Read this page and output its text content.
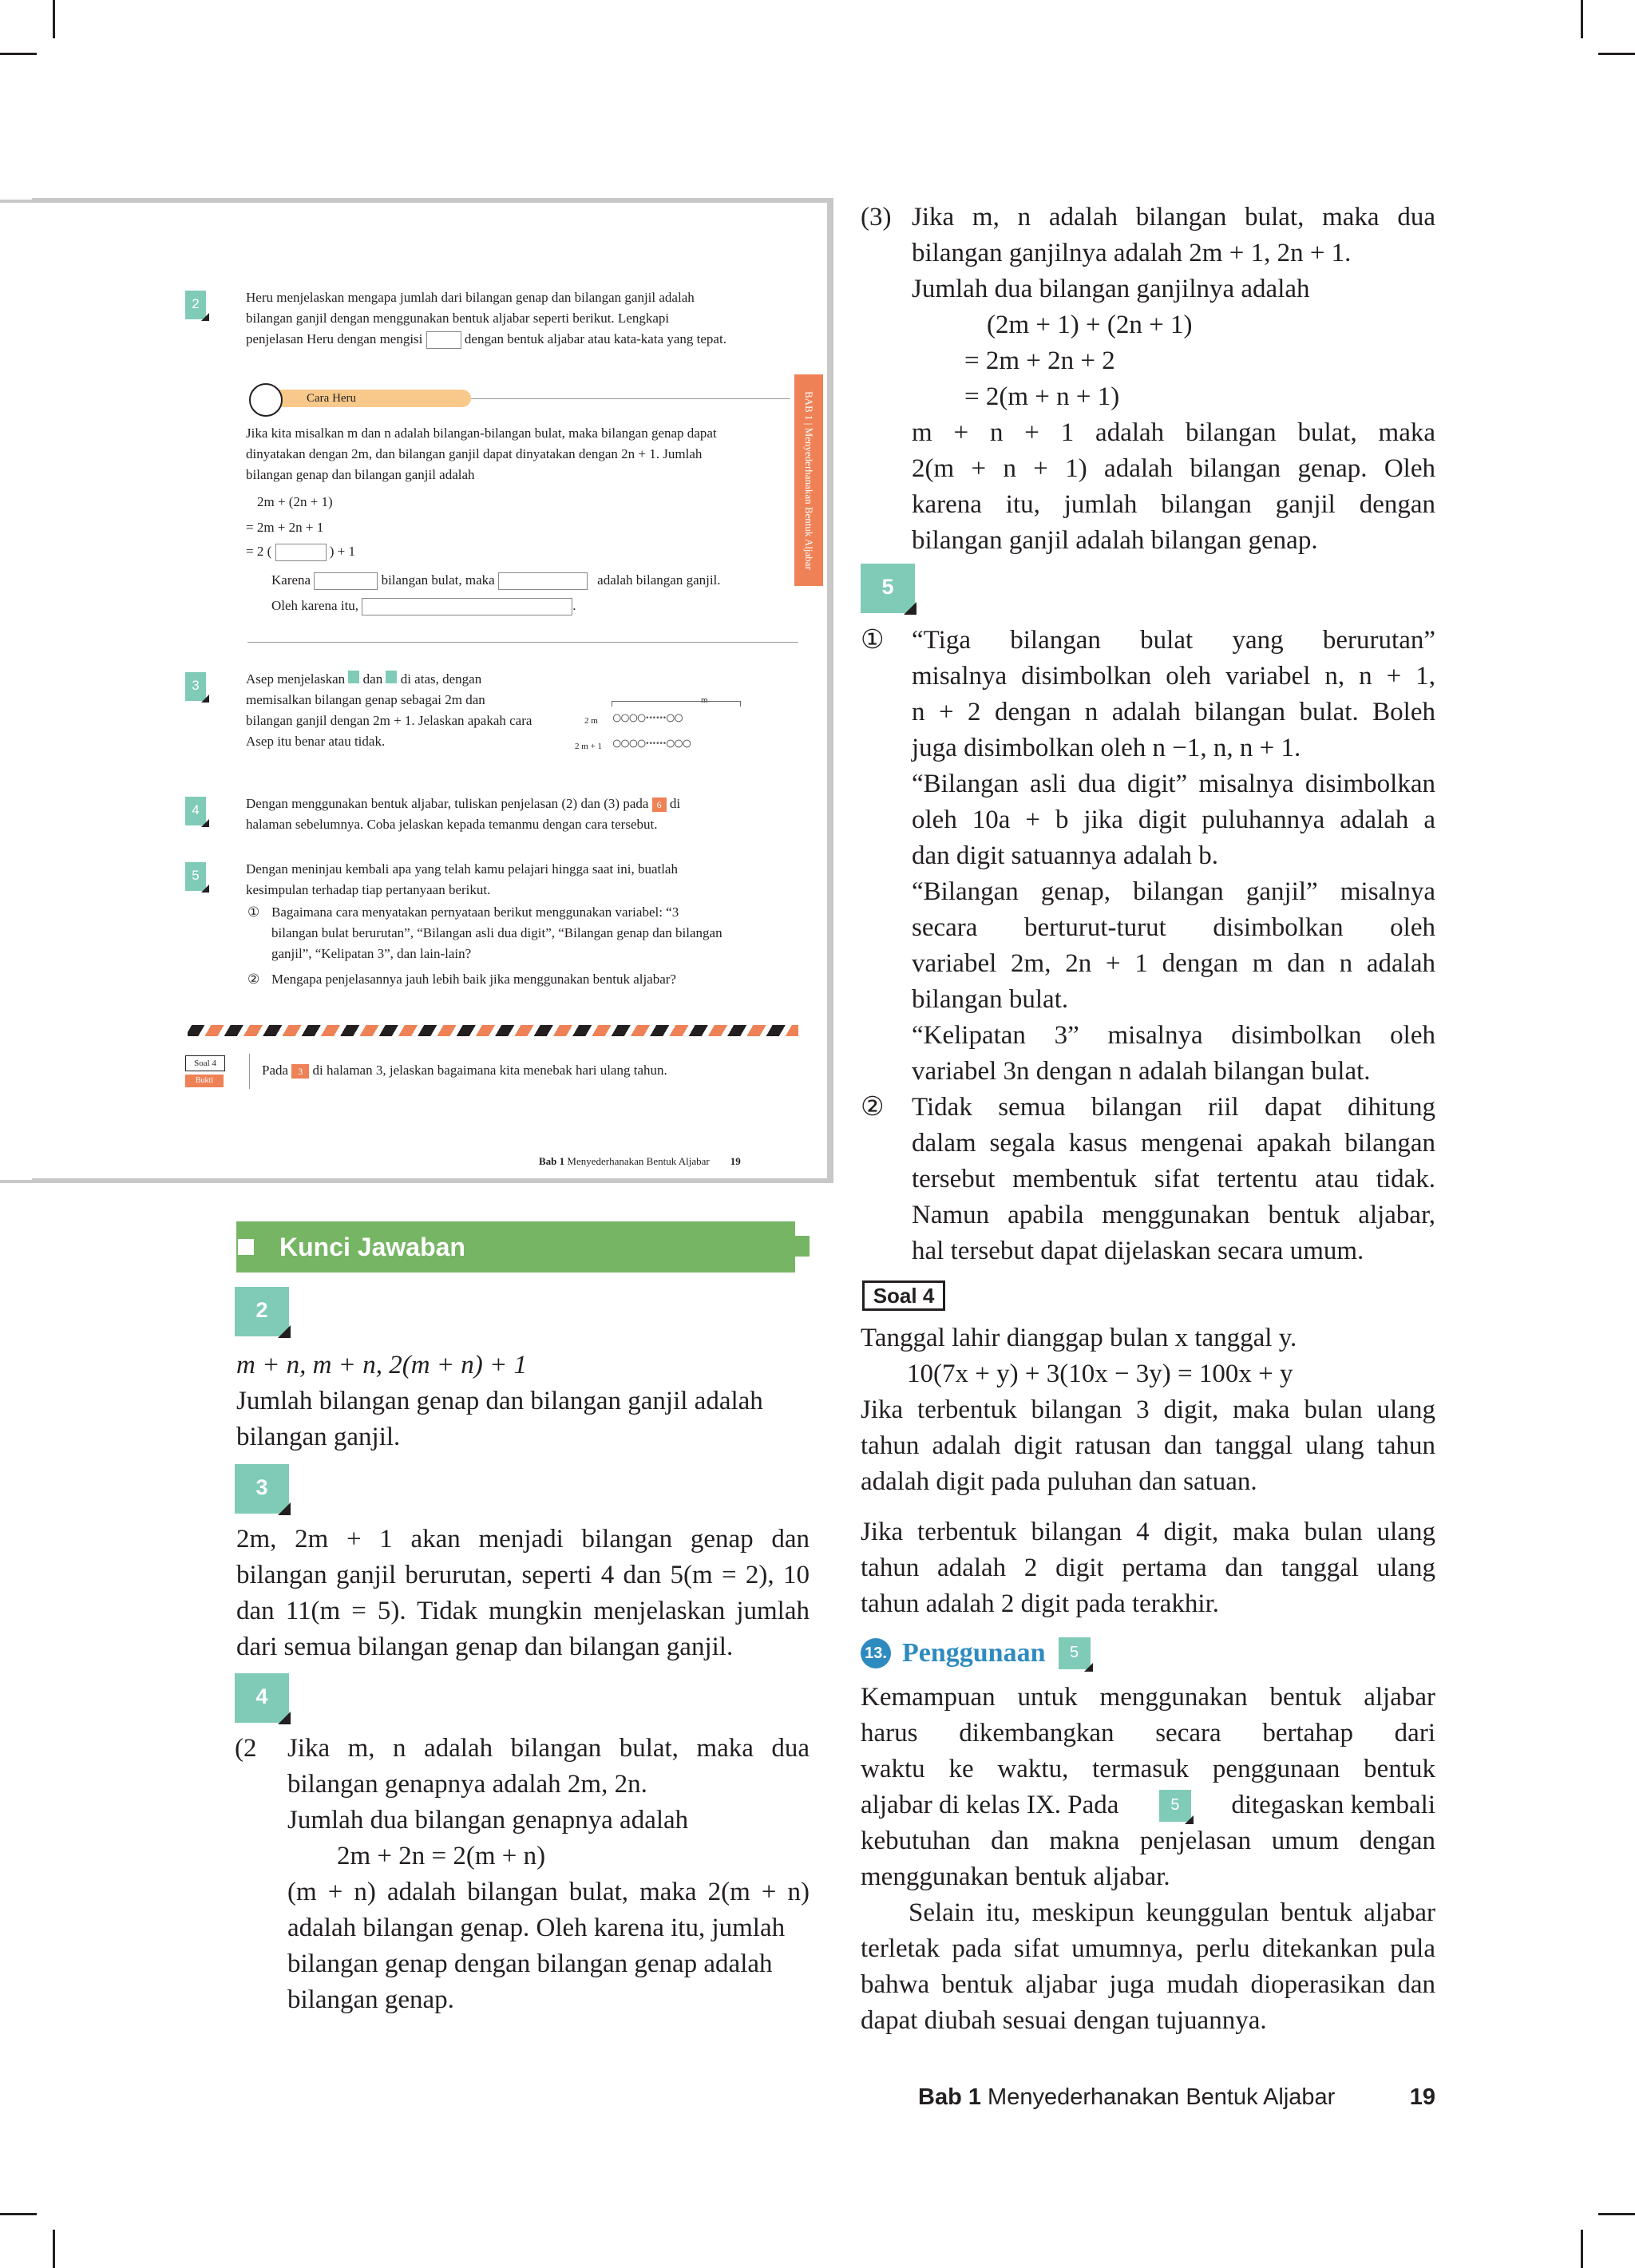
2	Heru menjelaskan mengapa jumlah dari bilangan genap dan bilangan ganjil adalah
bilangan ganjil dengan menggunakan bentuk aljabar seperti berikut. Lengkapi
penjelasan Heru dengan mengisi	dengan bentuk aljabar atau kata-kata yang tepat.
Cara Heru
Jika kita misalkan m dan n adalah bilangan-bilangan bulat, maka bilangan genap dapat
dinyatakan dengan 2m, dan bilangan ganjil dapat dinyatakan dengan 2n + 1. Jumlah
bilangan genap dan bilangan ganjil adalah
2m + (2n + 1)
= 2m + 2n + 1
= 2 (	) + 1
Karena	bilangan bulat, maka	adalah bilangan ganjil.
Oleh karena itu,	.
BAB 1 | Menyederhanakan Bentuk Aljabar
3	Asep menjelaskan dan di atas, dengan
memisalkan bilangan genap sebagai 2m dan
bilangan ganjil dengan 2m + 1. Jelaskan apakah cara
Asep itu benar atau tidak.
m
2 m ○○○○······○○
2 m + 1 ○○○○······○○○
4	Dengan menggunakan bentuk aljabar, tuliskan penjelasan (2) dan (3) pada 6 di
halaman sebelumnya. Coba jelaskan kepada temanmu dengan cara tersebut.
5	Dengan meninjau kembali apa yang telah kamu pelajari hingga saat ini, buatlah
kesimpulan terhadap tiap pertanyaan berikut.
① Bagaimana cara menyatakan pernyataan berikut menggunakan variabel: “3
bilangan bulat berurutan”, “Bilangan asli dua digit”, “Bilangan genap dan bilangan
ganjil”, “Kelipatan 3”, dan lain-lain?
② Mengapa penjelasannya jauh lebih baik jika menggunakan bentuk aljabar?
Soal 4
Bukti
Pada 3 di halaman 3, jelaskan bagaimana kita menebak hari ulang tahun.
Bab 1 Menyederhanakan Bentuk Aljabar 19
Kunci Jawaban
2
m + n, m + n, 2(m + n) + 1
Jumlah bilangan genap dan bilangan ganjil adalah
bilangan ganjil.
3
2m, 2m + 1 akan menjadi bilangan genap dan
bilangan ganjil berurutan, seperti 4 dan 5(m = 2), 10
dan 11(m = 5). Tidak mungkin menjelaskan jumlah
dari semua bilangan genap dan bilangan ganjil.
4
(2 Jika m, n adalah bilangan bulat, maka dua
bilangan genapnya adalah 2m, 2n.
Jumlah dua bilangan genapnya adalah
2m + 2n = 2(m + n)
(m + n) adalah bilangan bulat, maka 2(m + n)
adalah bilangan genap. Oleh karena itu, jumlah
bilangan genap dengan bilangan genap adalah
bilangan genap.
(3) Jika m, n adalah bilangan bulat, maka dua
bilangan ganjilnya adalah 2m + 1, 2n + 1.
Jumlah dua bilangan ganjilnya adalah
(2m + 1) + (2n + 1)
= 2m + 2n + 2
= 2(m + n + 1)
m + n + 1 adalah bilangan bulat, maka
2(m + n + 1) adalah bilangan genap. Oleh
karena itu, jumlah bilangan ganjil dengan
bilangan ganjil adalah bilangan genap.
5
① “Tiga bilangan bulat yang berurutan”
misalnya disimbolkan oleh variabel n, n + 1,
n + 2 dengan n adalah bilangan bulat. Boleh
juga disimbolkan oleh n −1, n, n + 1.
“Bilangan asli dua digit” misalnya disimbolkan
oleh 10a + b jika digit puluhannya adalah a
dan digit satuannya adalah b.
“Bilangan genap, bilangan ganjil” misalnya
secara berturut-turut disimbolkan oleh
variabel 2m, 2n + 1 dengan m dan n adalah
bilangan bulat.
“Kelipatan 3” misalnya disimbolkan oleh
variabel 3n dengan n adalah bilangan bulat.
② Tidak semua bilangan riil dapat dihitung
dalam segala kasus mengenai apakah bilangan
tersebut membentuk sifat tertentu atau tidak.
Namun apabila menggunakan bentuk aljabar,
hal tersebut dapat dijelaskan secara umum.
Soal 4
Tanggal lahir dianggap bulan x tanggal y.
10(7x + y) + 3(10x − 3y) = 100x + y
Jika terbentuk bilangan 3 digit, maka bulan ulang
tahun adalah digit ratusan dan tanggal ulang tahun
adalah digit pada puluhan dan satuan.
Jika terbentuk bilangan 4 digit, maka bulan ulang
tahun adalah 2 digit pertama dan tanggal ulang
tahun adalah 2 digit pada terakhir.
13. Penggunaan	5
Kemampuan untuk menggunakan bentuk aljabar
harus dikembangkan secara bertahap dari
waktu ke waktu, termasuk penggunaan bentuk
aljabar di kelas IX. Pada	5	ditegaskan kembali
kebutuhan dan makna penjelasan umum dengan
menggunakan bentuk aljabar.
Selain itu, meskipun keunggulan bentuk aljabar
terletak pada sifat umumnya, perlu ditekankan pula
bahwa bentuk aljabar juga mudah dioperasikan dan
dapat diubah sesuai dengan tujuannya.
Bab 1 Menyederhanakan Bentuk Aljabar	19
